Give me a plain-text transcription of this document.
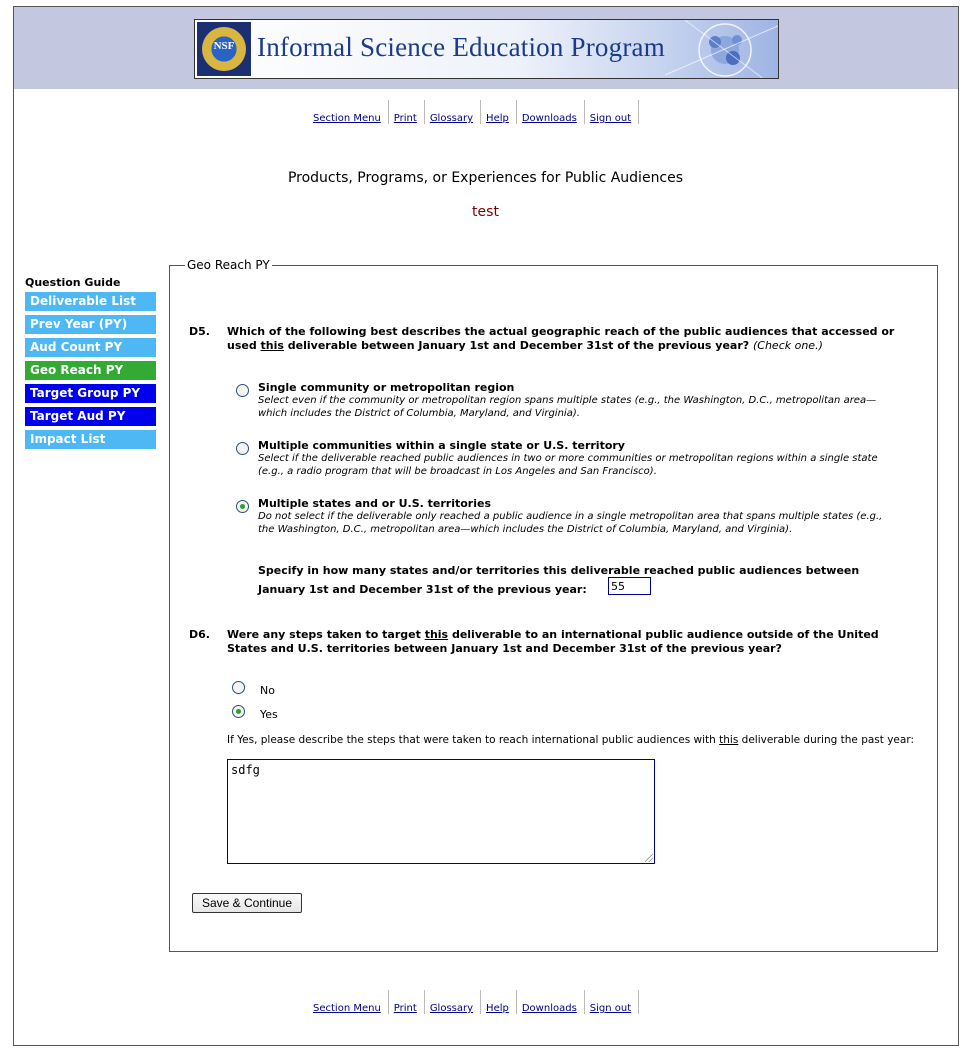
NSF Informal Science Education Program
Section Menu	Print	Glossary	Help	Downloads	Sign out
Products, Programs, or Experiences for Public Audiences
test
Question Guide
Deliverable List
Prev Year (PY)
Aud Count PY
Geo Reach PY
Target Group PY
Target Aud PY
Impact List
Geo Reach PY
D5. Which of the following best describes the actual geographic reach of the public audiences that accessed or used this deliverable between January 1st and December 31st of the previous year? (Check one.)
Single community or metropolitan region
Select even if the community or metropolitan region spans multiple states (e.g., the Washington, D.C., metropolitan area—which includes the District of Columbia, Maryland, and Virginia).
Multiple communities within a single state or U.S. territory
Select if the deliverable reached public audiences in two or more communities or metropolitan regions within a single state (e.g., a radio program that will be broadcast in Los Angeles and San Francisco).
Multiple states and or U.S. territories
Do not select if the deliverable only reached a public audience in a single metropolitan area that spans multiple states (e.g., the Washington, D.C., metropolitan area—which includes the District of Columbia, Maryland, and Virginia).
Specify in how many states and/or territories this deliverable reached public audiences between January 1st and December 31st of the previous year:	55
D6. Were any steps taken to target this deliverable to an international public audience outside of the United States and U.S. territories between January 1st and December 31st of the previous year?
No
Yes
If Yes, please describe the steps that were taken to reach international public audiences with this deliverable during the past year:
sdfg
Save & Continue
Section Menu	Print	Glossary	Help	Downloads	Sign out
